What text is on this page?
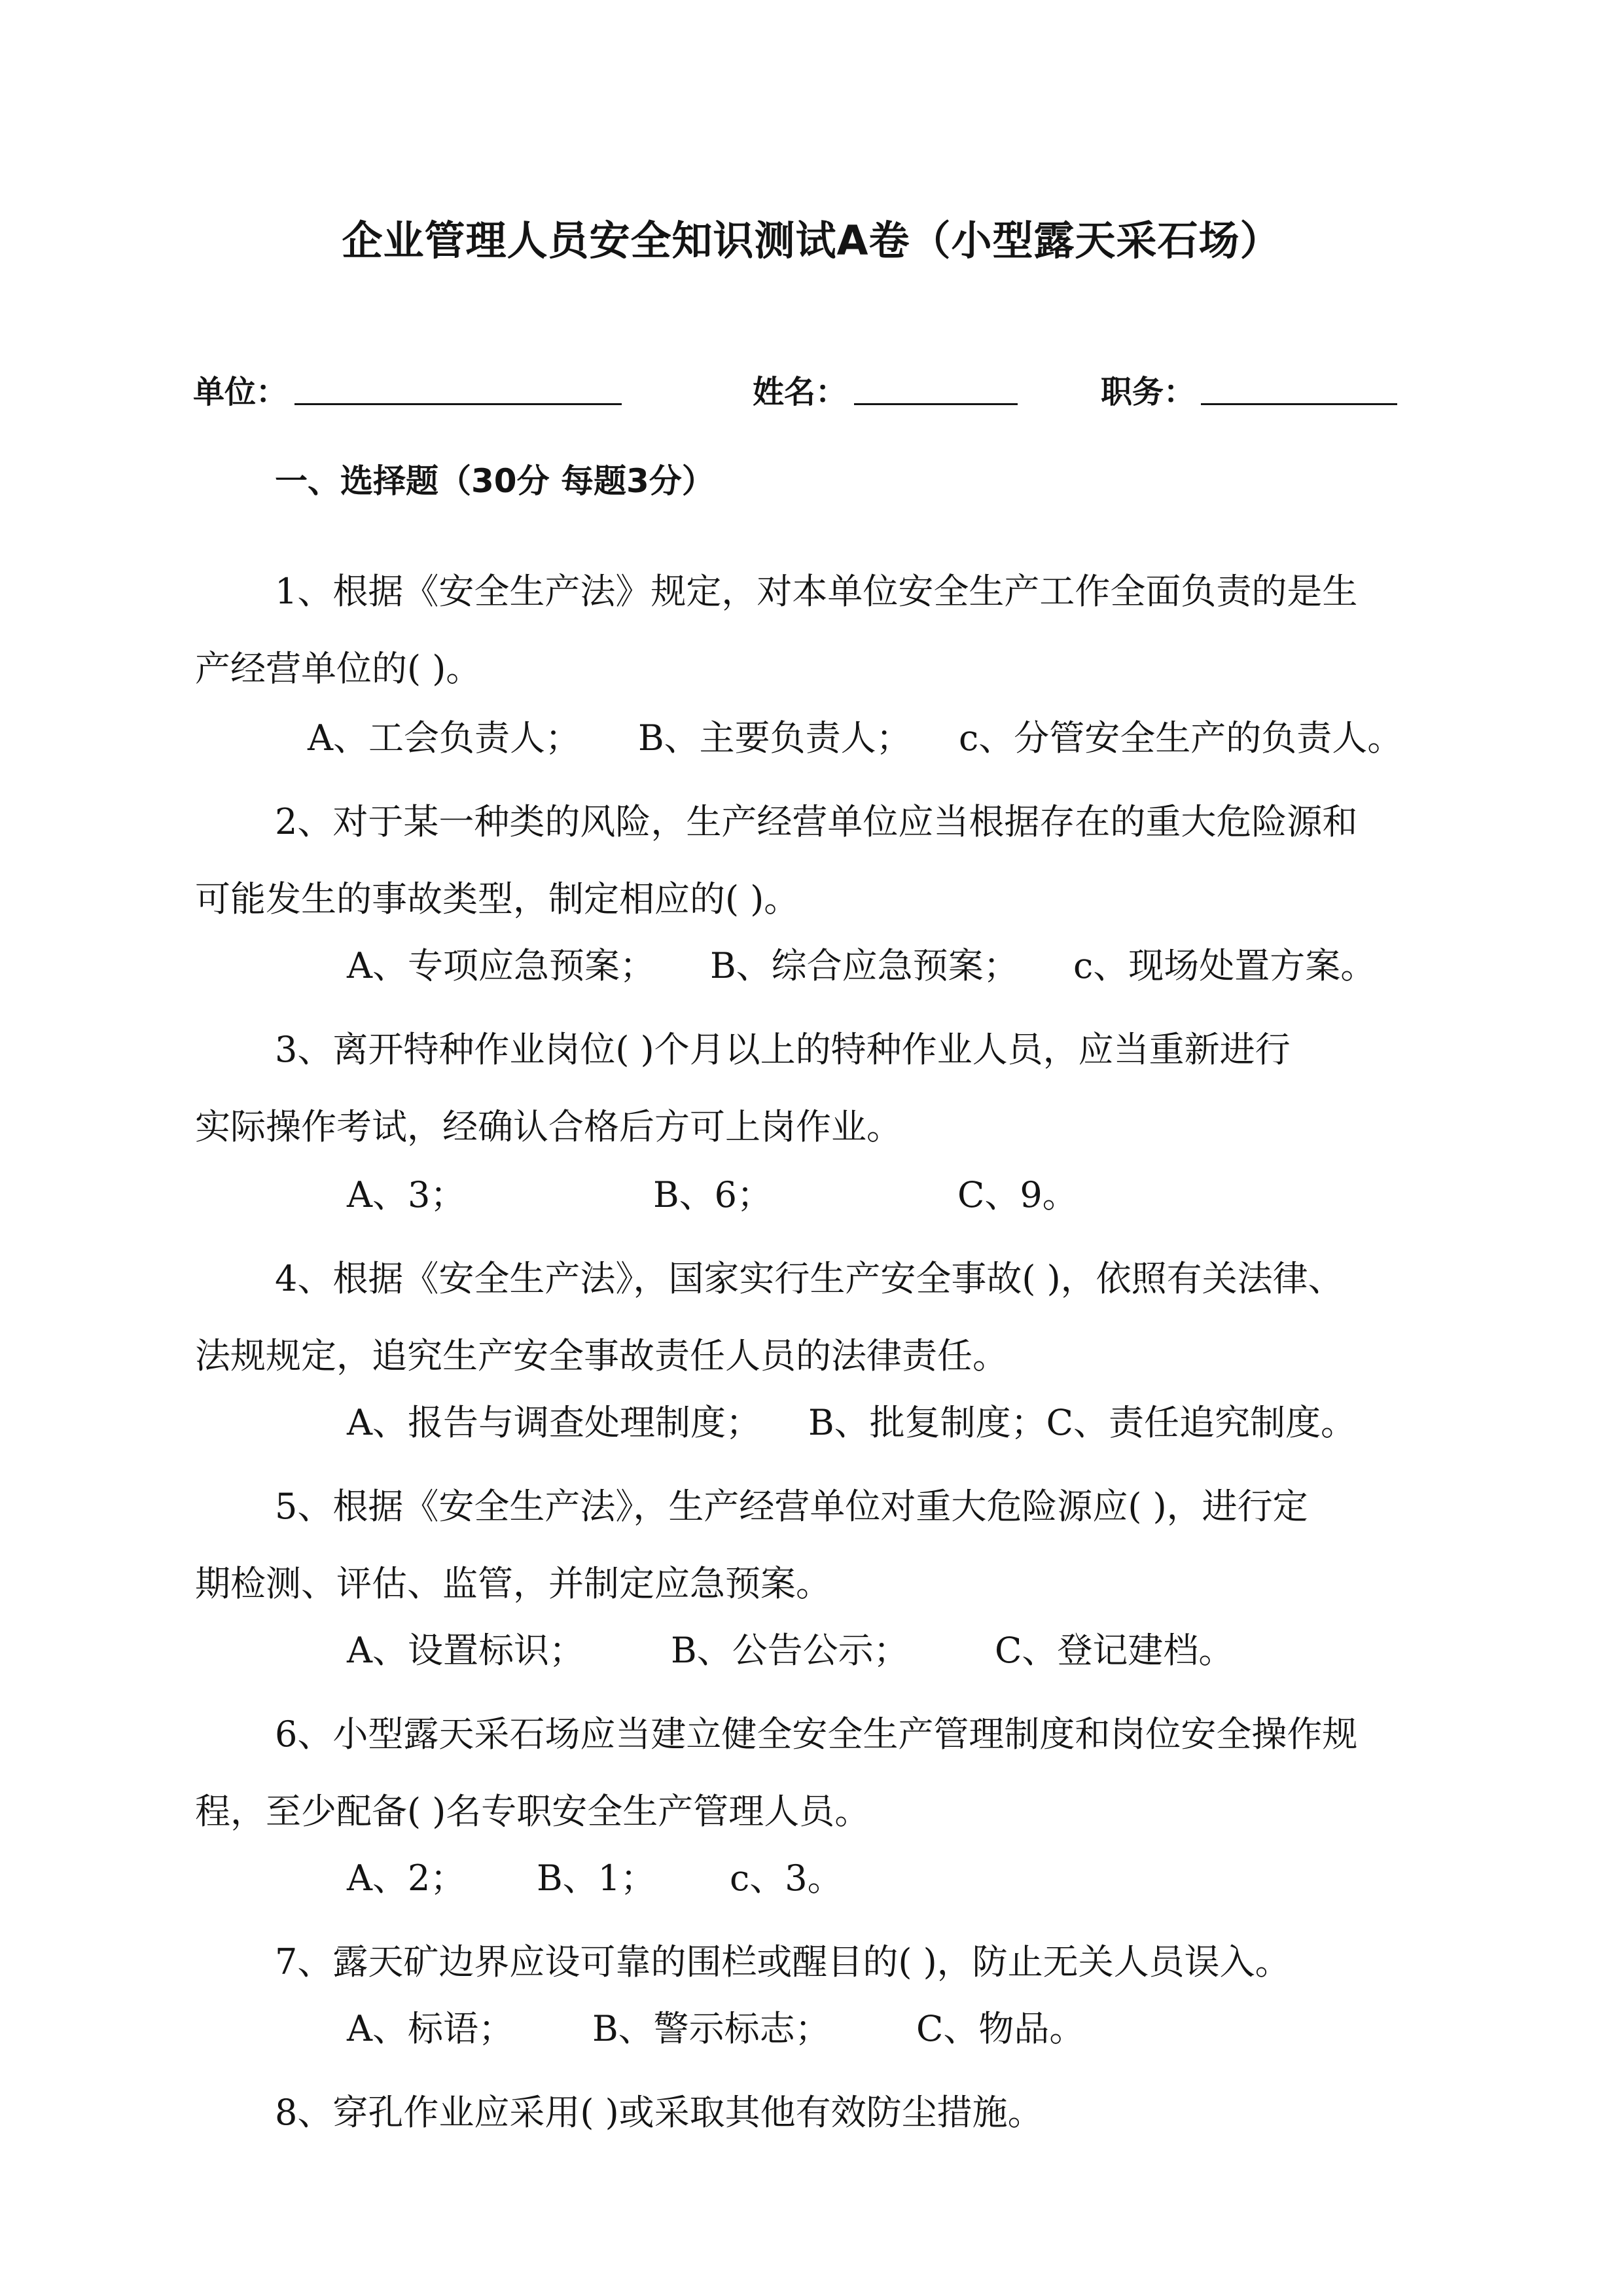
企业管理人员安全知识测试A卷（小型露天采石场）
单位：	姓名：	职务：
一、选择题（30分 每题3分）
1、根据《安全生产法》规定，对本单位安全生产工作全面负责的是生
产经营单位的( )。
A、工会负责人； B、主要负责人； c、分管安全生产的负责人。
2、对于某一种类的风险，生产经营单位应当根据存在的重大危险源和
可能发生的事故类型，制定相应的( )。
A、专项应急预案； B、综合应急预案； c、现场处置方案。
3、离开特种作业岗位( )个月以上的特种作业人员，应当重新进行
实际操作考试，经确认合格后方可上岗作业。
A、3；	B、6；	C、9。
4、根据《安全生产法》，国家实行生产安全事故( )，依照有关法律、
法规规定，追究生产安全事故责任人员的法律责任。
A、报告与调查处理制度； B、批复制度；C、责任追究制度。
5、根据《安全生产法》，生产经营单位对重大危险源应( )，进行定
期检测、评估、监管，并制定应急预案。
A、设置标识； B、公告公示； C、登记建档。
6、小型露天采石场应当建立健全安全生产管理制度和岗位安全操作规
程，至少配备( )名专职安全生产管理人员。
A、2； B、1； c、3。
7、露天矿边界应设可靠的围栏或醒目的( )，防止无关人员误入。
A、标语； B、警示标志； C、物品。
8、穿孔作业应采用( )或采取其他有效防尘措施。
